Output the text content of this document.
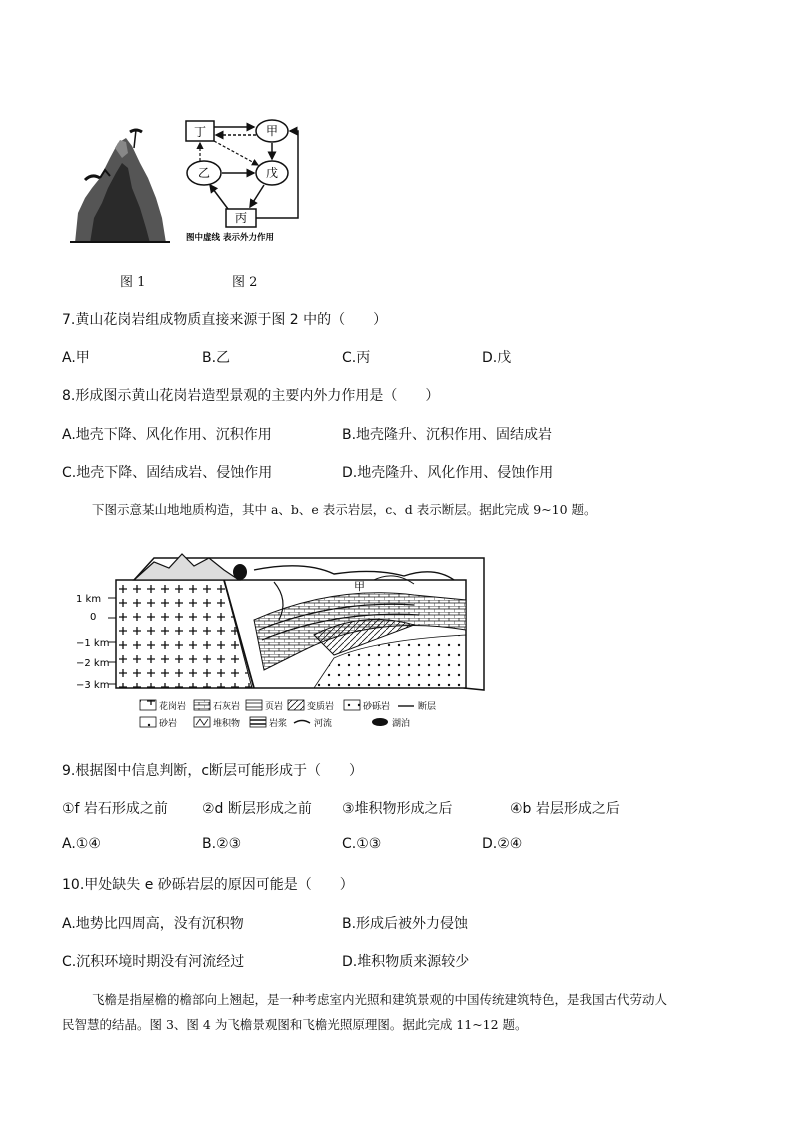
丁	甲
乙	戊
丙
图中虚线 表示外力作用
图 1	图 2
7.黄山花岗岩组成物质直接来源于图 2 中的（　　）
A.甲	B.乙	C.丙	D.戊
8.形成图示黄山花岗岩造型景观的主要内外力作用是（　　）
A.地壳下降、风化作用、沉积作用	B.地壳隆升、沉积作用、固结成岩
C.地壳下降、固结成岩、侵蚀作用	D.地壳隆升、风化作用、侵蚀作用
下图示意某山地地质构造，其中 a、b、e 表示岩层，c、d 表示断层。据此完成 9~10 题。
甲
1 km
0
−1 km
−2 km
−3 km
花岗岩	石灰岩	页岩	变质岩	砂砾岩	断层
砂岩	堆积物	岩浆	河流	湖泊
9.根据图中信息判断，c断层可能形成于（　　）
①f 岩石形成之前 ②d 断层形成之前 ③堆积物形成之后	④b 岩层形成之后
A.①④	B.②③	C.①③	D.②④
10.甲处缺失 e 砂砾岩层的原因可能是（　　）
A.地势比四周高，没有沉积物	B.形成后被外力侵蚀
C.沉积环境时期没有河流经过	D.堆积物质来源较少
飞檐是指屋檐的檐部向上翘起，是一种考虑室内光照和建筑景观的中国传统建筑特色，是我国古代劳动人
民智慧的结晶。图 3、图 4 为飞檐景观图和飞檐光照原理图。据此完成 11~12 题。
